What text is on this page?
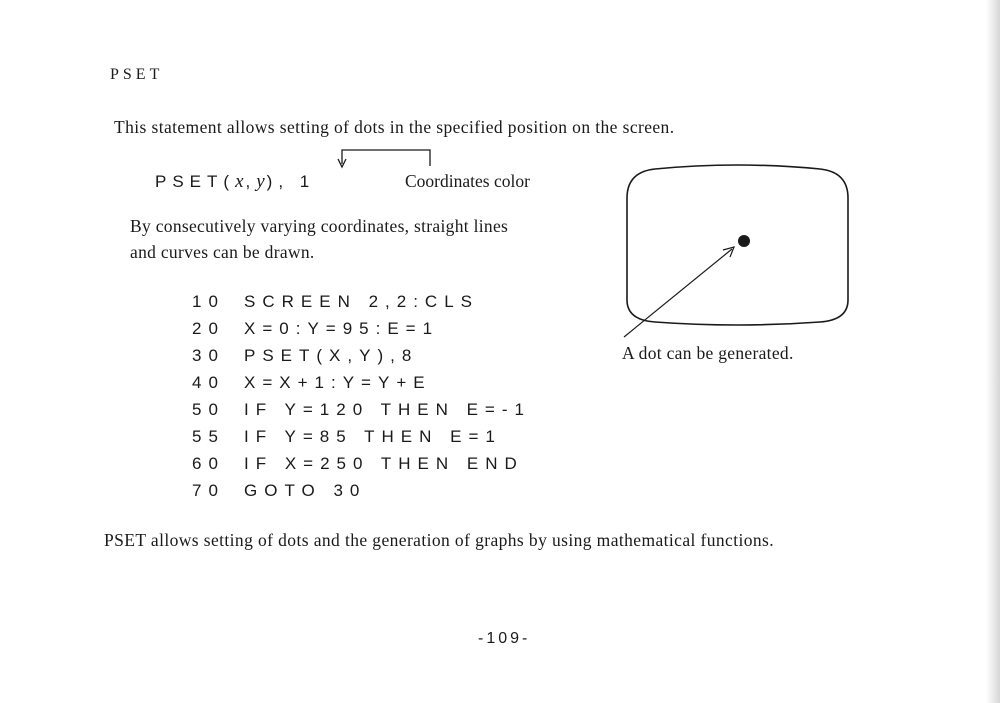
PSET
This statement allows setting of dots in the specified position on the screen.
PSET(x,y), 1	Coordinates color
By consecutively varying coordinates, straight lines
and curves can be drawn.
10 SCREEN 2,2:CLS
20 X=0:Y=95:E=1
30 PSET(X,Y),8
40 X=X+1:Y=Y+E
50 IF Y=120 THEN E=-1
55 IF Y=85 THEN E=1
60 IF X=250 THEN END
70 GOTO 30
A dot can be generated.
PSET allows setting of dots and the generation of graphs by using mathematical functions.
-109-
